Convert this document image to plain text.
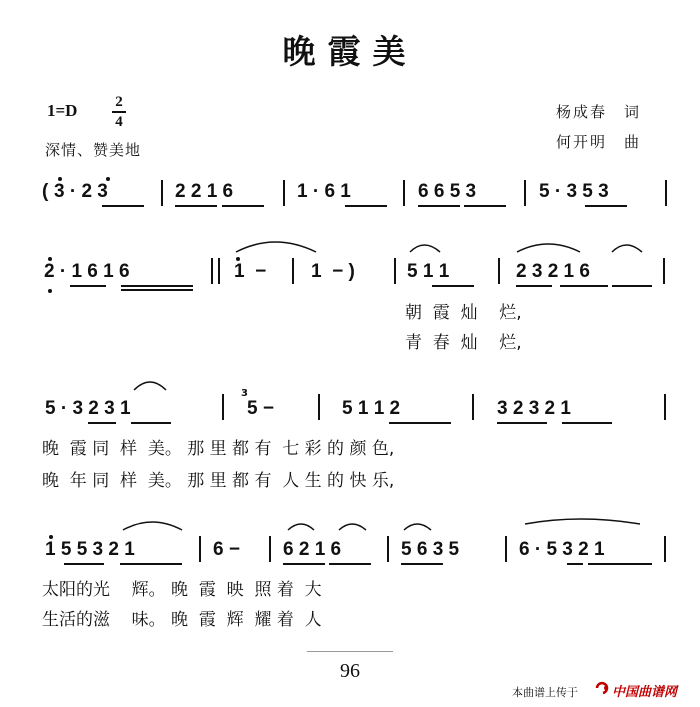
晚霞美
1=D	2
4
深情、赞美地
杨成春　词
何开明　曲
( 3 · 2 3	2 2 1 6	1 · 6 1	6 6 5 3	5 · 3 5 3
2 · 1 6 1 6	1  − 1  − )	5 1 1	2 3 2 1 6
朝  霞  灿    烂,
青  春  灿    烂,
5 · 3 2 3 1	5 −
3
5 1 1 2	3 2 3 2 1
晚  霞 同  样  美。 那 里 都 有  七 彩 的 颜 色,
晚  年 同  样  美。 那 里 都 有  人 生 的 快 乐,
1 5 5 3 2 1	6 − 6 2 1 6	5 6 3 5	6 · 5 3 2 1
太阳的光    辉。 晚  霞  映  照 着  大
生活的滋    味。 晚  霞  辉  耀 着  人
96
本曲谱上传于	中国曲谱网
